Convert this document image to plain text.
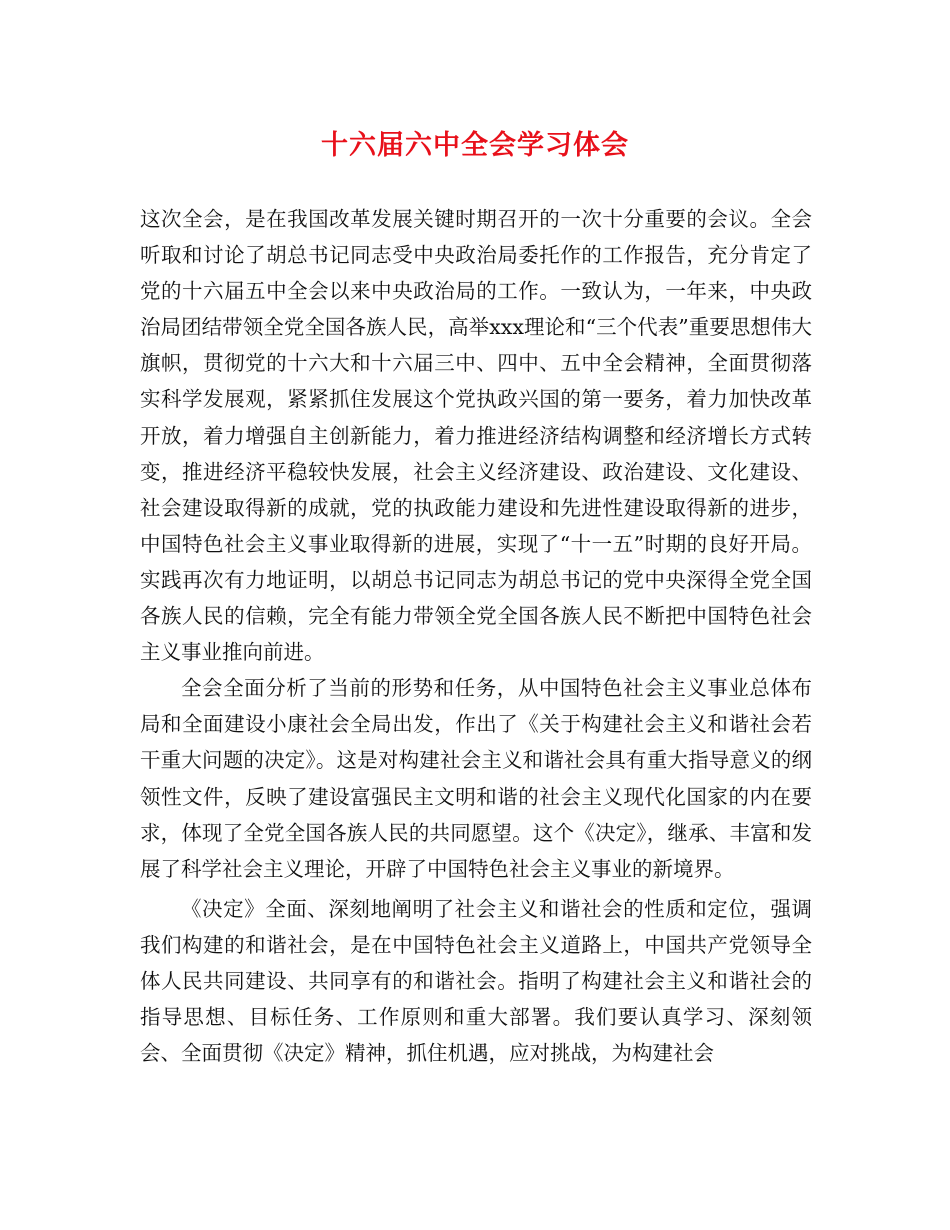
十六届六中全会学习体会

这次全会，是在我国改革发展关键时期召开的一次十分重要的会议。全会听取和讨论了胡总书记同志受中央政治局委托作的工作报告，充分肯定了党的十六届五中全会以来中央政治局的工作。一致认为，一年来，中央政治局团结带领全党全国各族人民，高举xxx理论和“三个代表”重要思想伟大旗帜，贯彻党的十六大和十六届三中、四中、五中全会精神，全面贯彻落实科学发展观，紧紧抓住发展这个党执政兴国的第一要务，着力加快改革开放，着力增强自主创新能力，着力推进经济结构调整和经济增长方式转变，推进经济平稳较快发展，社会主义经济建设、政治建设、文化建设、社会建设取得新的成就，党的执政能力建设和先进性建设取得新的进步，中国特色社会主义事业取得新的进展，实现了“十一五”时期的良好开局。实践再次有力地证明，以胡总书记同志为胡总书记的党中央深得全党全国各族人民的信赖，完全有能力带领全党全国各族人民不断把中国特色社会主义事业推向前进。

全会全面分析了当前的形势和任务，从中国特色社会主义事业总体布局和全面建设小康社会全局出发，作出了《关于构建社会主义和谐社会若干重大问题的决定》。这是对构建社会主义和谐社会具有重大指导意义的纲领性文件，反映了建设富强民主文明和谐的社会主义现代化国家的内在要求，体现了全党全国各族人民的共同愿望。这个《决定》，继承、丰富和发展了科学社会主义理论，开辟了中国特色社会主义事业的新境界。

《决定》全面、深刻地阐明了社会主义和谐社会的性质和定位，强调我们构建的和谐社会，是在中国特色社会主义道路上，中国共产党领导全体人民共同建设、共同享有的和谐社会。指明了构建社会主义和谐社会的指导思想、目标任务、工作原则和重大部署。我们要认真学习、深刻领会、全面贯彻《决定》精神，抓住机遇，应对挑战，为构建社会
